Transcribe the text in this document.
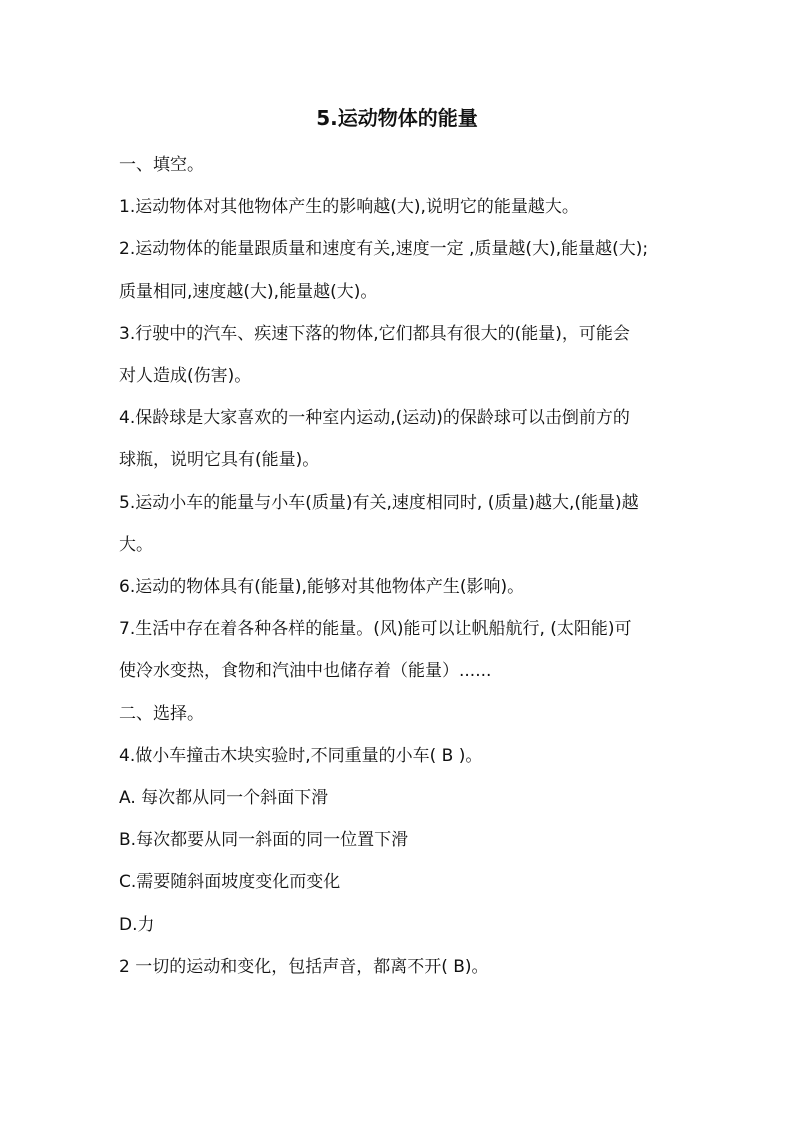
5.运动物体的能量

一、填空。

1.运动物体对其他物体产生的影响越(大),说明它的能量越大。

2.运动物体的能量跟质量和速度有关,速度一定 ,质量越(大),能量越(大);

质量相同,速度越(大),能量越(大)。

3.行驶中的汽车、疾速下落的物体,它们都具有很大的(能量)，可能会

对人造成(伤害)。

4.保龄球是大家喜欢的一种室内运动,(运动)的保龄球可以击倒前方的

球瓶，说明它具有(能量)。

5.运动小车的能量与小车(质量)有关,速度相同时, (质量)越大,(能量)越

大。

6.运动的物体具有(能量),能够对其他物体产生(影响)。

7.生活中存在着各种各样的能量。(风)能可以让帆船航行, (太阳能)可

使冷水变热，食物和汽油中也储存着（能量）......

二、选择。

4.做小车撞击木块实验时,不同重量的小车( B )。

A. 每次都从同一个斜面下滑

B.每次都要从同一斜面的同一位置下滑

C.需要随斜面坡度变化而变化

D.力

2 一切的运动和变化，包括声音，都离不开( B)。
